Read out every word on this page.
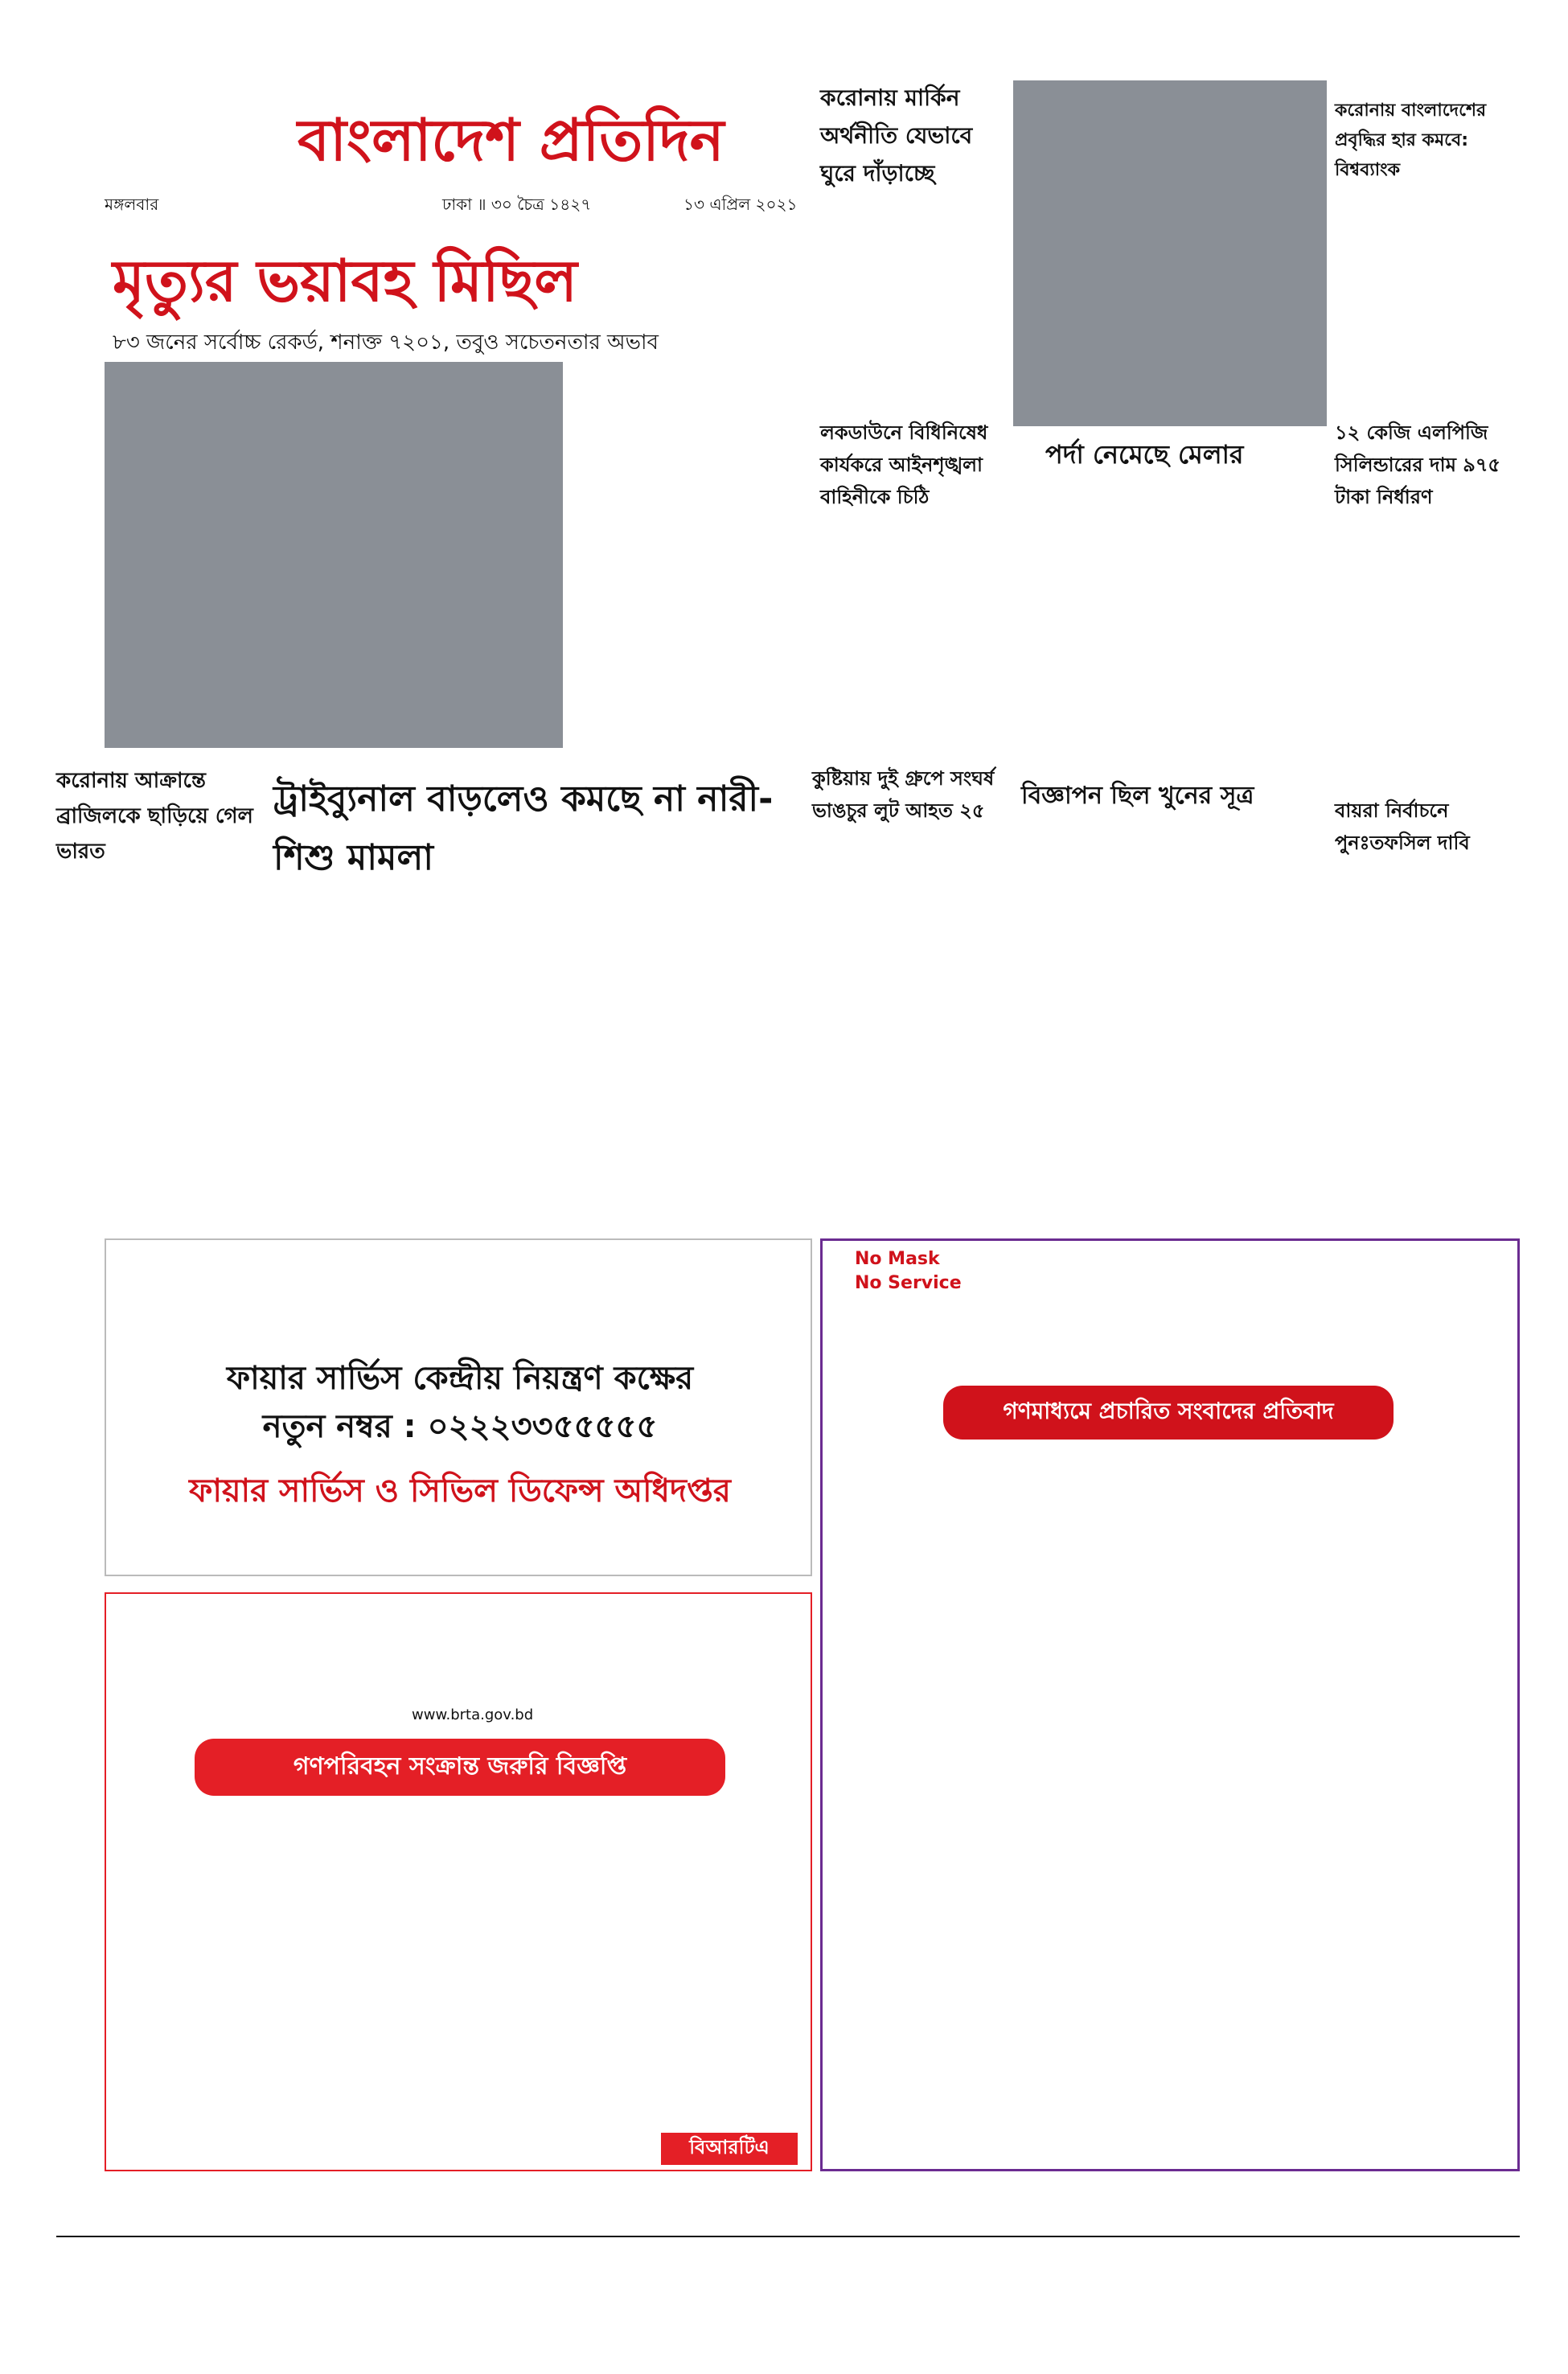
বাংলাদেশ প্রতিদিন
মঙ্গলবার	ঢাকা ॥ ৩০ চৈত্র ১৪২৭	১৩ এপ্রিল ২০২১
মৃত্যুর ভয়াবহ মিছিল
৮৩ জনের সর্বোচ্চ রেকর্ড, শনাক্ত ৭২০১, তবুও সচেতনতার অভাব
করোনায় মার্কিন অর্থনীতি যেভাবে ঘুরে দাঁড়াচ্ছে
লকডাউনে বিধিনিষেধ কার্যকরে আইনশৃঙ্খলা বাহিনীকে চিঠি
পর্দা নেমেছে মেলার
করোনায় বাংলাদেশের প্রবৃদ্ধির হার কমবে: বিশ্বব্যাংক
১২ কেজি এলপিজি সিলিন্ডারের দাম ৯৭৫ টাকা নির্ধারণ
করোনায় আক্রান্তে ব্রাজিলকে ছাড়িয়ে গেল ভারত
ট্রাইব্যুনাল বাড়লেও কমছে না নারী-শিশু মামলা
কুষ্টিয়ায় দুই গ্রুপে সংঘর্ষ ভাঙচুর লুট আহত ২৫
বিজ্ঞাপন ছিল খুনের সূত্র
বায়রা নির্বাচনে পুনঃতফসিল দাবি
ফায়ার সার্ভিস কেন্দ্রীয় নিয়ন্ত্রণ কক্ষের
নতুন নম্বর : ০২২২৩৩৫৫৫৫৫
ফায়ার সার্ভিস ও সিভিল ডিফেন্স অধিদপ্তর
No Mask
No Service
গণমাধ্যমে প্রচারিত সংবাদের প্রতিবাদ
www.brta.gov.bd
গণপরিবহন সংক্রান্ত জরুরি বিজ্ঞপ্তি
বিআরটিএ
